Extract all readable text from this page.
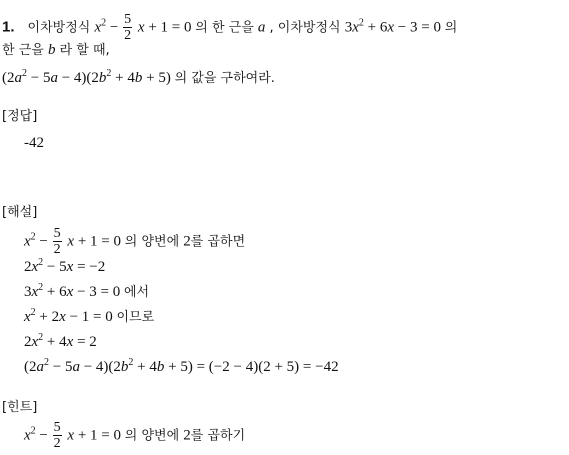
1.   이차방정식 $x^2 - \frac{5}{2}$ x + 1 = 0 의 한 근을 a , 이차방정식 $3x^2 + 6x - 3 = 0$ 의
한 근을 b 라 할 때,
$(2a^2 - 5a - 4)(2b^2 + 4b + 5)$ 의 값을 구하여라.
[정답]
-42
[해설]
$x^2 - \frac{5}{2}$ x + 1 = 0 의 양변에 2를 곱하면
$2x^2 - 5x = -2$
$3x^2 + 6x - 3 = 0$ 에서
$x^2 + 2x - 1 = 0$ 이므로
$2x^2 + 4x = 2$
$(2a^2 - 5a - 4)(2b^2 + 4b + 5) = (-2 - 4)(2 + 5) = -42$
[힌트]
$x^2 - \frac{5}{2}$ x + 1 = 0 의 양변에 2를 곱하기
